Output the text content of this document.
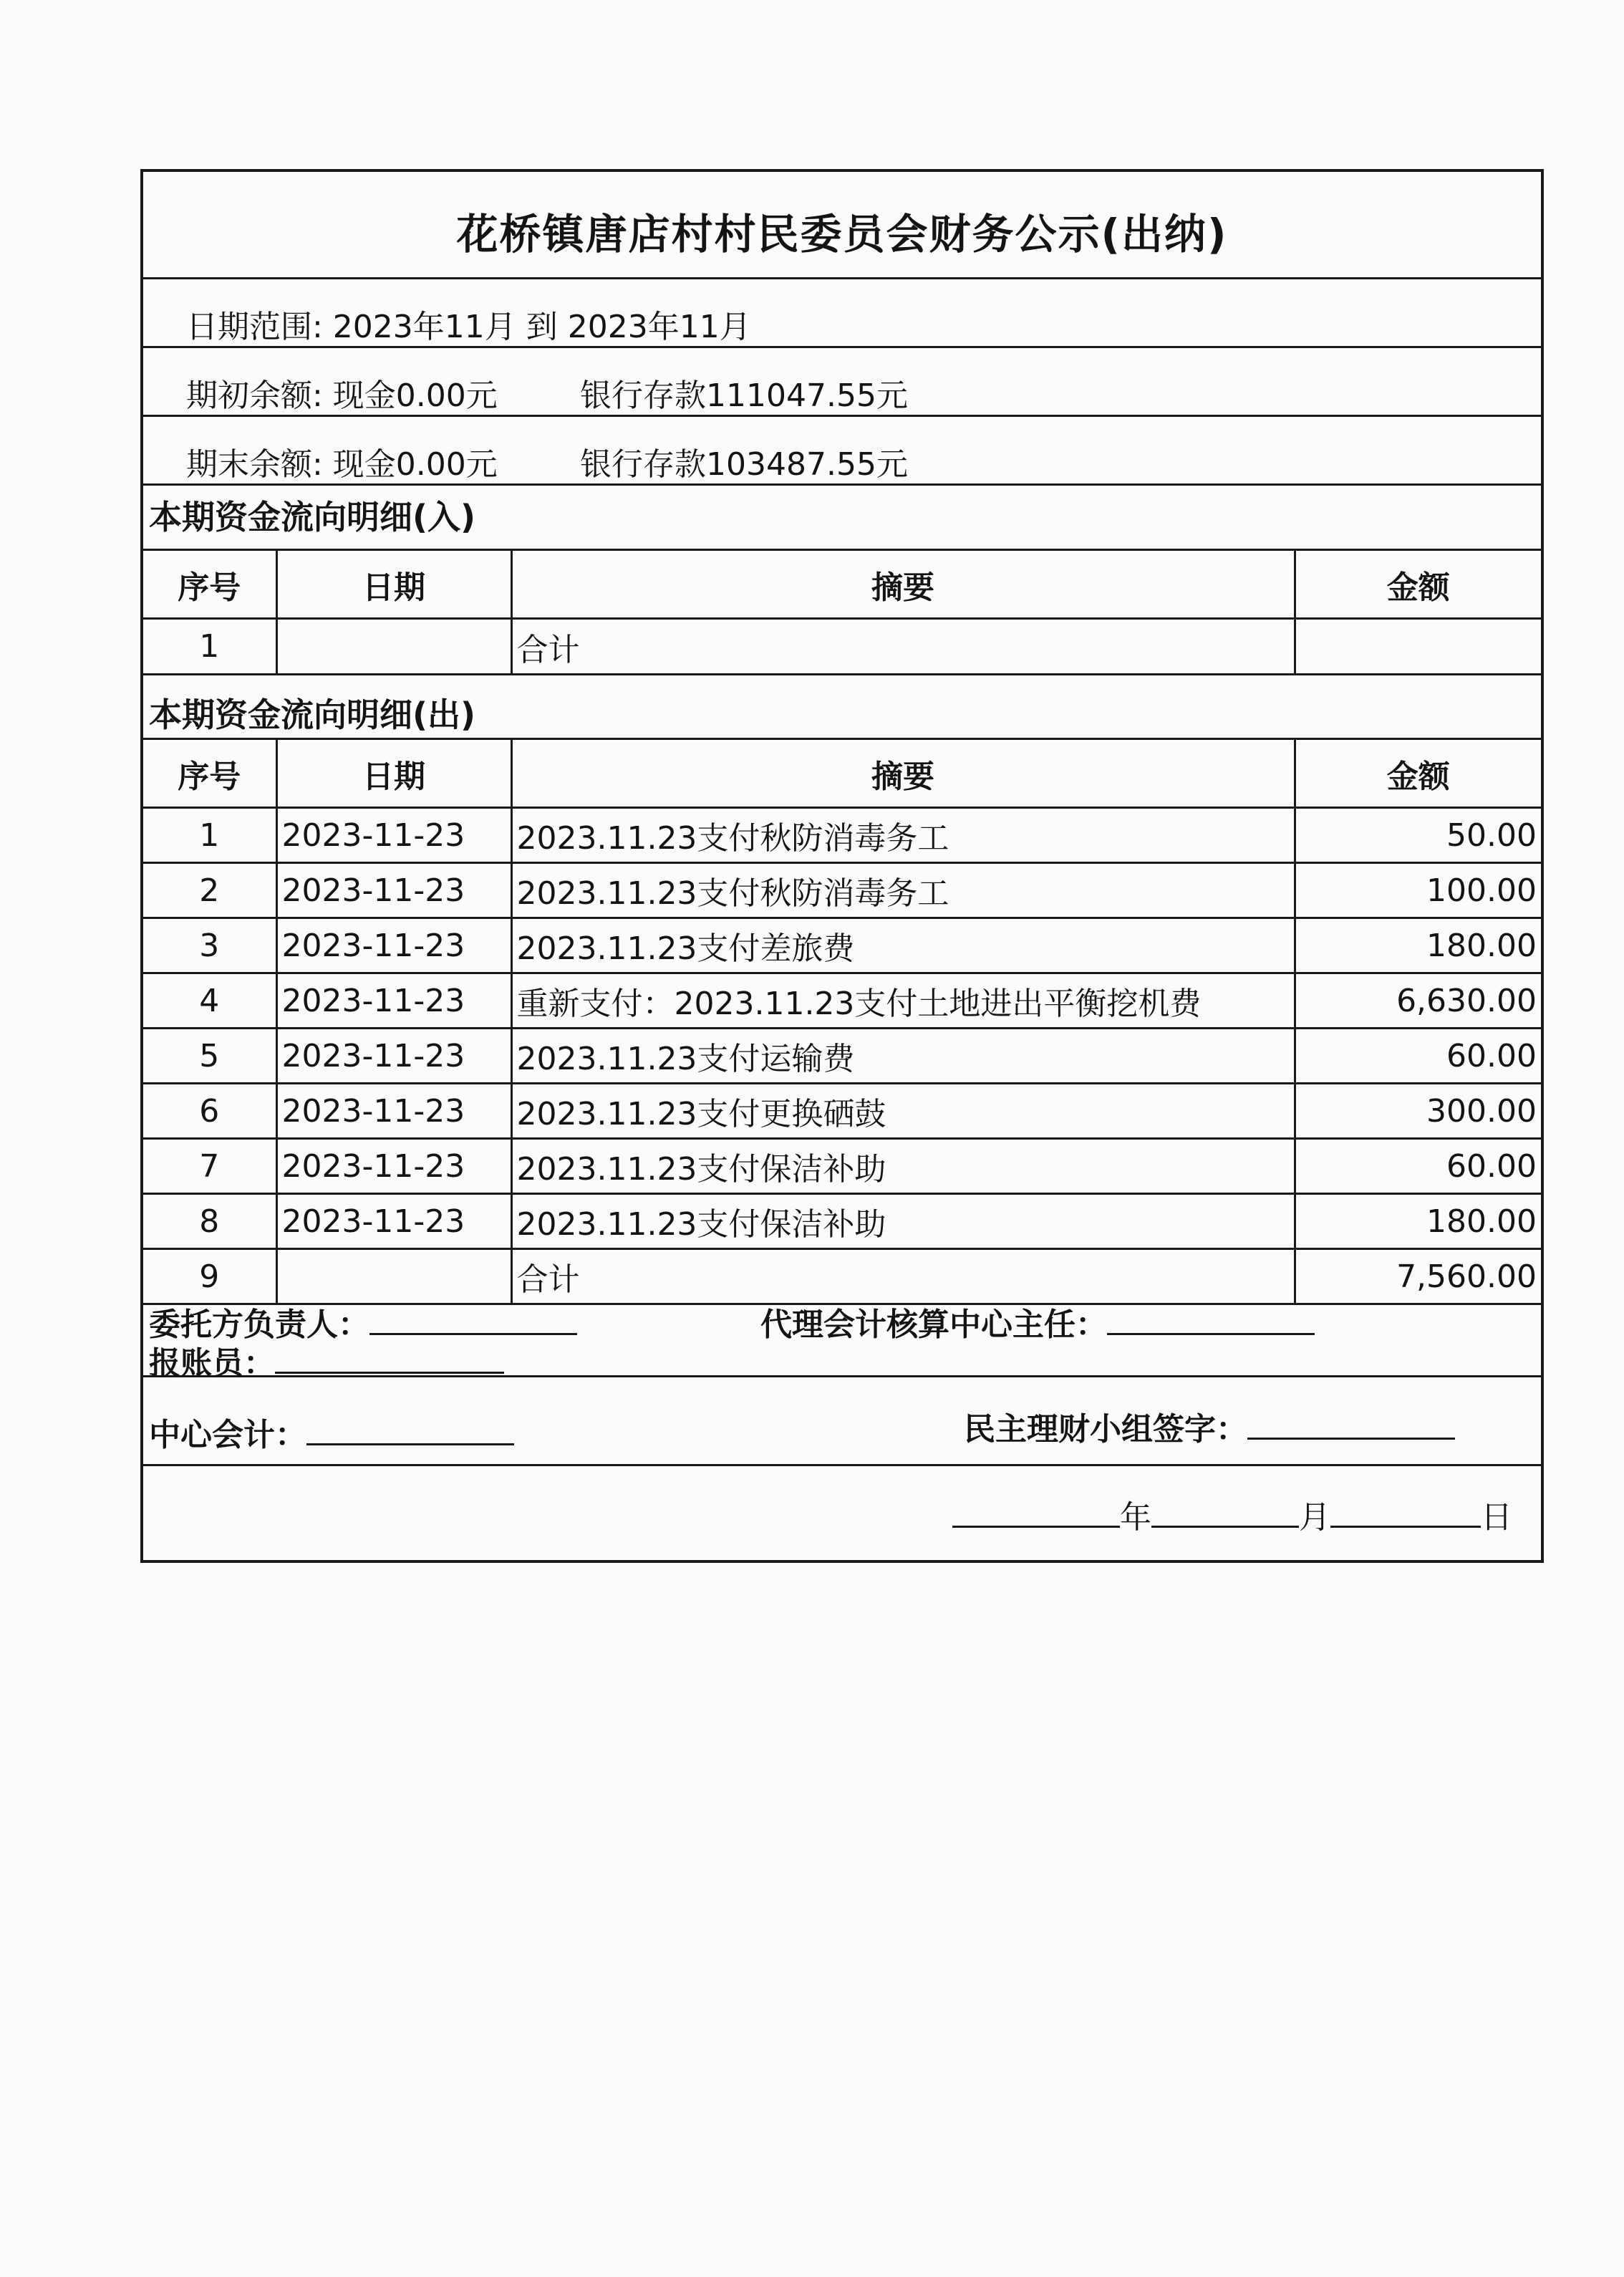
花桥镇唐店村村民委员会财务公示(出纳)
日期范围: 2023年11月 到 2023年11月
期初余额: 现金0.00元	银行存款111047.55元
期末余额: 现金0.00元	银行存款103487.55元
本期资金流向明细(入)
序号	日期	摘要	金额
1		合计	
本期资金流向明细(出)
序号	日期	摘要	金额
1	2023-11-23	2023.11.23支付秋防消毒务工	50.00
2	2023-11-23	2023.11.23支付秋防消毒务工	100.00
3	2023-11-23	2023.11.23支付差旅费	180.00
4	2023-11-23	重新支付：2023.11.23支付土地进出平衡挖机费	6,630.00
5	2023-11-23	2023.11.23支付运输费	60.00
6	2023-11-23	2023.11.23支付更换硒鼓	300.00
7	2023-11-23	2023.11.23支付保洁补助	60.00
8	2023-11-23	2023.11.23支付保洁补助	180.00
9		合计	7,560.00
委托方负责人：	代理会计核算中心主任：
报账员：
中心会计：	民主理财小组签字：
年	月	日
